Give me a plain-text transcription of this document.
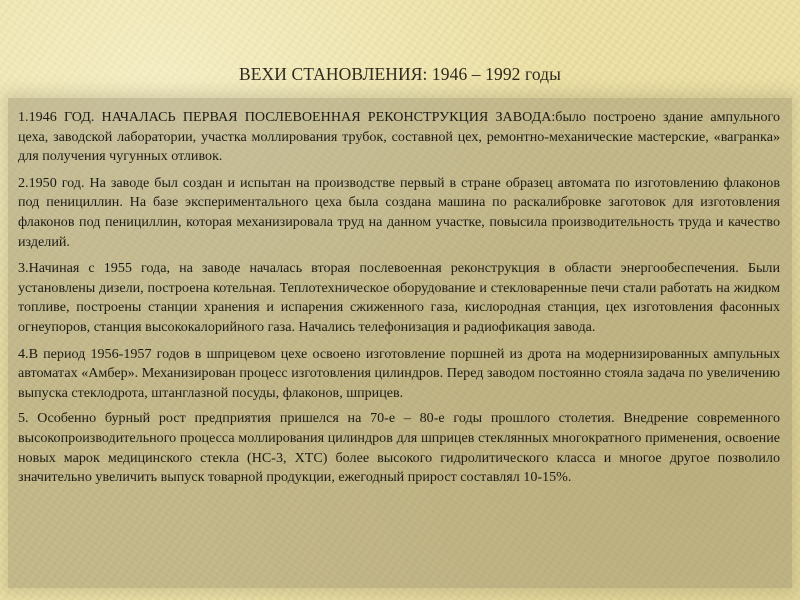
ВЕХИ СТАНОВЛЕНИЯ: 1946 – 1992 годы

1.1946 ГОД. НАЧАЛАСЬ ПЕРВАЯ ПОСЛЕВОЕННАЯ РЕКОНСТРУКЦИЯ ЗАВОДА:было построено здание ампульного цеха, заводской лаборатории, участка моллирования трубок, составной цех, ремонтно-механические мастерские, «вагранка» для получения чугунных отливок.

2.1950 год. На заводе был создан и испытан на производстве первый в стране образец автомата по изготовлению флаконов под пенициллин. На базе экспериментального цеха была создана машина по раскалибровке заготовок для изготовления флаконов под пенициллин, которая механизировала труд на данном участке, повысила производительность труда и качество изделий.

3.Начиная с 1955 года, на заводе началась вторая послевоенная реконструкция в области энергообеспечения. Были установлены дизели, построена котельная. Теплотехническое оборудование и стекловаренные печи стали работать на жидком топливе, построены станции хранения и испарения сжиженного газа, кислородная станция, цех изготовления фасонных огнеупоров, станция высококалорийного газа. Начались телефонизация и радиофикация завода.

4.В период 1956-1957 годов в шприцевом цехе освоено изготовление поршней из дрота на модернизированных ампульных автоматах «Амбер». Механизирован процесс изготовления цилиндров. Перед заводом постоянно стояла задача по увеличению выпуска стеклодрота, штанглазной посуды, флаконов, шприцев.

5. Особенно бурный рост предприятия пришелся на 70-е – 80-е годы прошлого столетия. Внедрение современного высокопроизводительного процесса моллирования цилиндров для шприцев стеклянных многократного применения, освоение новых марок медицинского стекла (НС-3, ХТС) более высокого гидролитического класса и многое другое позволило значительно увеличить выпуск товарной продукции, ежегодный прирост составлял 10-15%.
